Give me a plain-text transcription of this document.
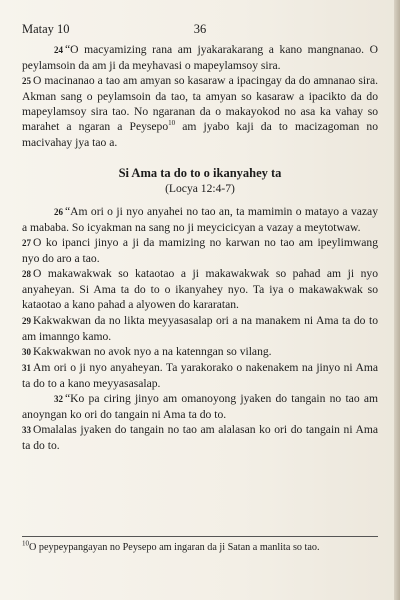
Matay 10	36

24 “O macyamizing rana am jyakarakarang a kano mangnanao. O peylamsoin da am ji da meyhavasi o mapeylamsoy sira.

25 O macinanao a tao am amyan so kasaraw a ipacingay da do amnanao sira. Akman sang o peylamsoin da tao, ta amyan so kasaraw a ipacikto da do mapeylamsoy sira tao. No ngaranan da o makayokod no asa ka vahay so marahet a ngaran a Peysepo$^{10}$ am jyabo kaji da to macizagoman no macivahay jya tao a.

Si Ama ta do to o ikanyahey ta

(Locya 12:4-7)

26 “Am ori o ji nyo anyahei no tao an, ta mamimin o matayo a vazay a mababa. So icyakman na sang no ji meycicicyan a vazay a meytotwaw.

27 O ko ipanci jinyo a ji da mamizing no karwan no tao am ipeylimwang nyo do aro a tao.

28 O makawakwak so kataotao a ji makawakwak so pahad am ji nyo anyaheyan. Si Ama ta do to o ikanyahey nyo. Ta iya o makawakwak so kataotao a kano pahad a alyowen do kararatan.

29 Kakwakwan da no likta meyyasasalap ori a na manakem ni Ama ta do to am imanngo kamo.

30 Kakwakwan no avok nyo a na katenngan so vilang.

31 Am ori o ji nyo anyaheyan. Ta yarakorako o nakenakem na jinyo ni Ama ta do to a kano meyyasasalap.

32 “Ko pa ciring jinyo am omanoyong jyaken do tangain no tao am anoyngan ko ori do tangain ni Ama ta do to.

33 Omalalas jyaken do tangain no tao am alalasan ko ori do tangain ni Ama ta do to.

$^{10}$O peypeypangayan no Peysepo am ingaran da ji Satan a manlita so tao.
